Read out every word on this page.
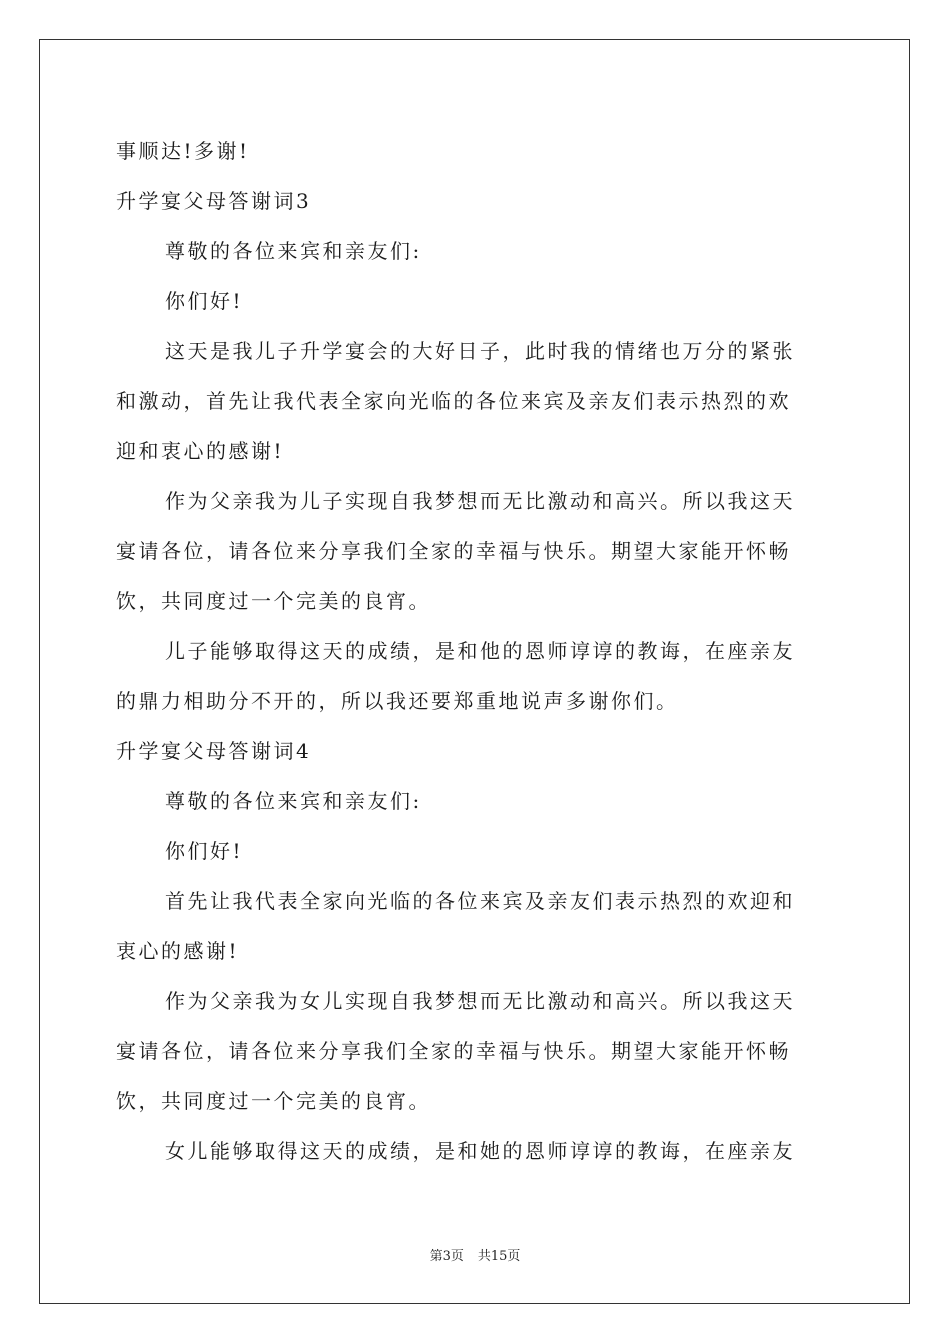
事顺达!多谢!

升学宴父母答谢词3

尊敬的各位来宾和亲友们:

你们好!

这天是我儿子升学宴会的大好日子，此时我的情绪也万分的紧张

和激动，首先让我代表全家向光临的各位来宾及亲友们表示热烈的欢

迎和衷心的感谢!

作为父亲我为儿子实现自我梦想而无比激动和高兴。所以我这天

宴请各位，请各位来分享我们全家的幸福与快乐。期望大家能开怀畅

饮，共同度过一个完美的良宵。

儿子能够取得这天的成绩，是和他的恩师谆谆的教诲，在座亲友

的鼎力相助分不开的，所以我还要郑重地说声多谢你们。

升学宴父母答谢词4

尊敬的各位来宾和亲友们:

你们好!

首先让我代表全家向光临的各位来宾及亲友们表示热烈的欢迎和

衷心的感谢!

作为父亲我为女儿实现自我梦想而无比激动和高兴。所以我这天

宴请各位，请各位来分享我们全家的幸福与快乐。期望大家能开怀畅

饮，共同度过一个完美的良宵。

女儿能够取得这天的成绩，是和她的恩师谆谆的教诲，在座亲友

第3页 共15页
